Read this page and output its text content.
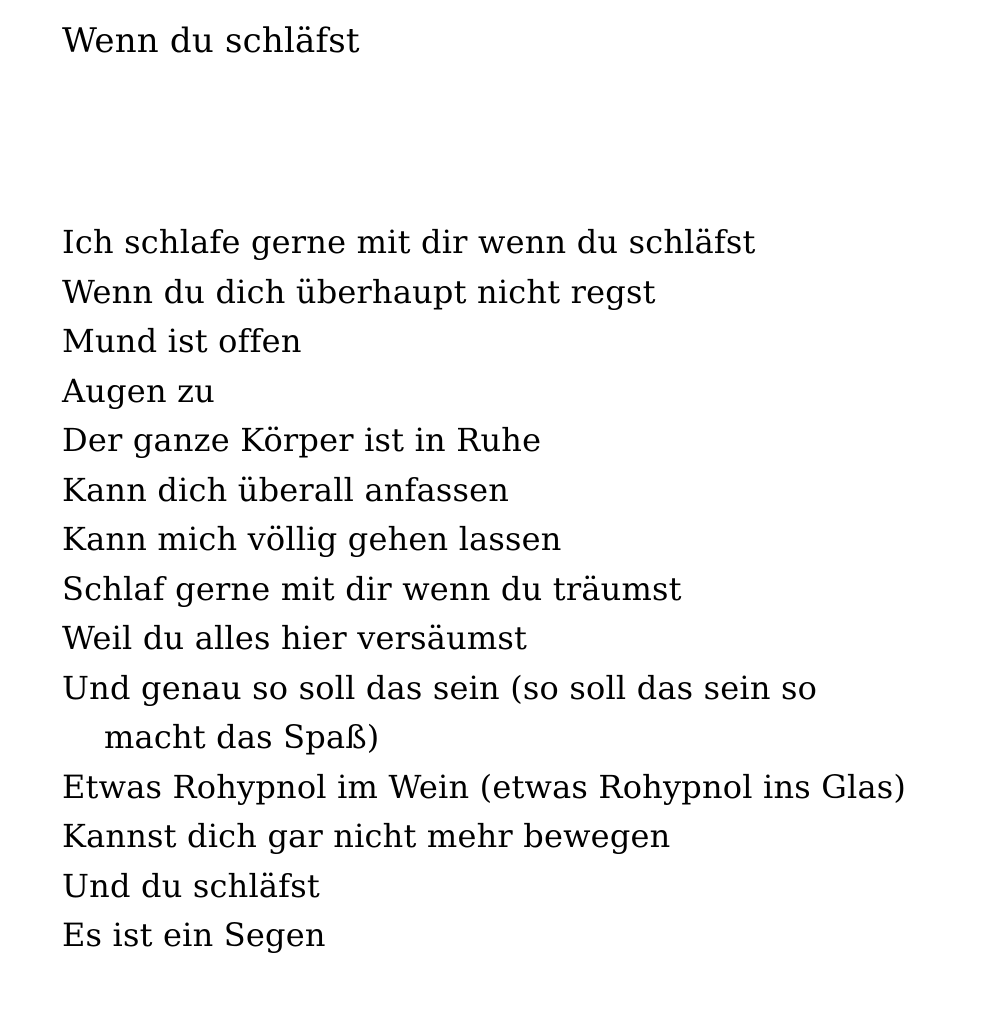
Wenn du schläfst
Ich schlafe gerne mit dir wenn du schläfst
Wenn du dich überhaupt nicht regst
Mund ist offen
Augen zu
Der ganze Körper ist in Ruhe
Kann dich überall anfassen
Kann mich völlig gehen lassen
Schlaf gerne mit dir wenn du träumst
Weil du alles hier versäumst
Und genau so soll das sein (so soll das sein so
macht das Spaß)
Etwas Rohypnol im Wein (etwas Rohypnol ins Glas)
Kannst dich gar nicht mehr bewegen
Und du schläfst
Es ist ein Segen
